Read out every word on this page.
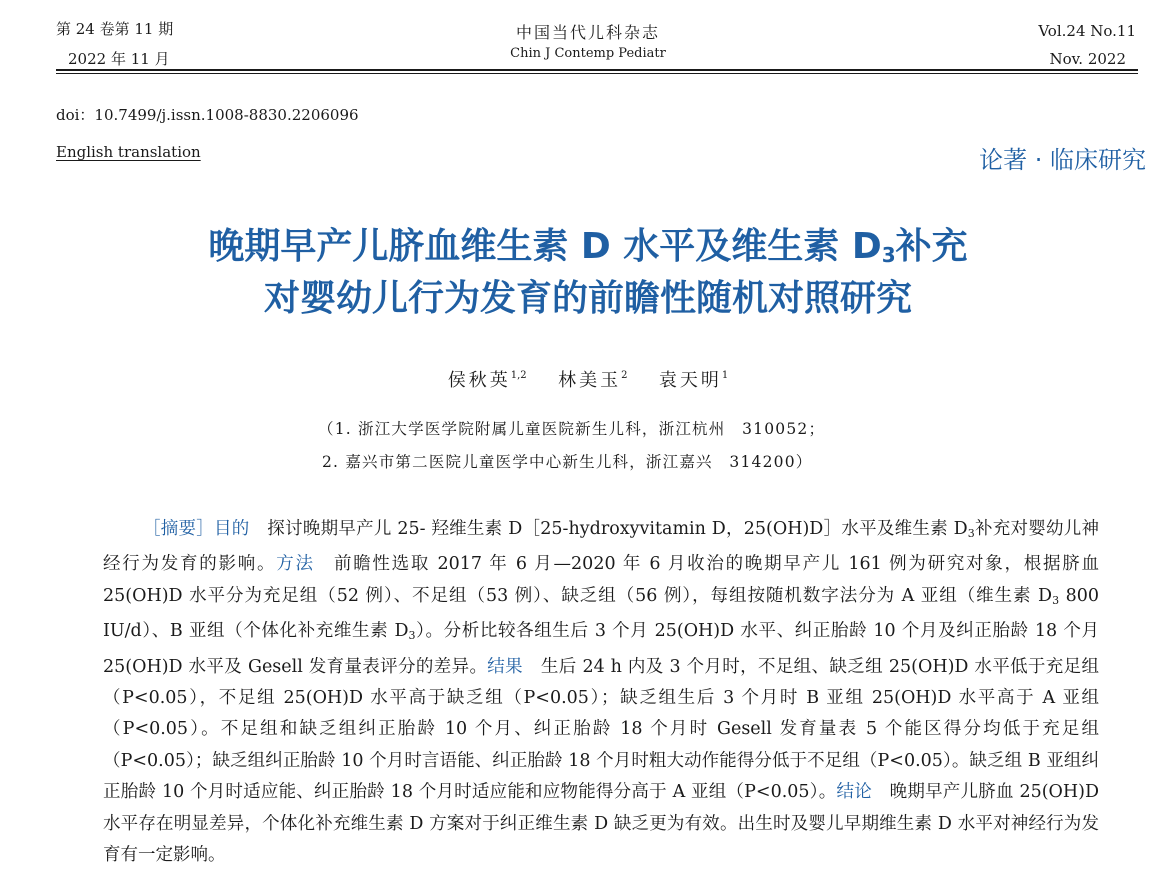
第 24 卷第 11 期
2022 年 11 月
中国当代儿科杂志
Chin J Contemp Pediatr
Vol.24 No.11
Nov. 2022
doi：10.7499/j.issn.1008-8830.2206096
English translation	论著 · 临床研究
晚期早产儿脐血维生素 D 水平及维生素 $D_3$补充
对婴幼儿行为发育的前瞻性随机对照研究
侯秋英$^{1,2}$ 林美玉$^2$ 袁天明$^1$
（1. 浙江大学医学院附属儿童医院新生儿科，浙江杭州　310052；
2. 嘉兴市第二医院儿童医学中心新生儿科，浙江嘉兴　314200）
［摘要］目的　探讨晚期早产儿 25- 羟维生素 D［25-hydroxyvitamin D，25(OH)D］水平及维生素 $D_3$补充对婴幼儿神经行为发育的影响。方法　前瞻性选取 2017 年 6 月—2020 年 6 月收治的晚期早产儿 161 例为研究对象，根据脐血 25(OH)D 水平分为充足组（52 例）、不足组（53 例）、缺乏组（56 例），每组按随机数字法分为 A 亚组（维生素 $D_3$ 800 IU/d）、B 亚组（个体化补充维生素 $D_3$）。分析比较各组生后 3 个月 25(OH)D 水平、纠正胎龄 10 个月及纠正胎龄 18 个月 25(OH)D 水平及 Gesell 发育量表评分的差异。结果　生后 24 h 内及 3 个月时，不足组、缺乏组 25(OH)D 水平低于充足组（P<0.05），不足组 25(OH)D 水平高于缺乏组（P<0.05）；缺乏组生后 3 个月时 B 亚组 25(OH)D 水平高于 A 亚组（P<0.05）。不足组和缺乏组纠正胎龄 10 个月、纠正胎龄 18 个月时 Gesell 发育量表 5 个能区得分均低于充足组（P<0.05）；缺乏组纠正胎龄 10 个月时言语能、纠正胎龄 18 个月时粗大动作能得分低于不足组（P<0.05）。缺乏组 B 亚组纠正胎龄 10 个月时适应能、纠正胎龄 18 个月时适应能和应物能得分高于 A 亚组（P<0.05）。结论　晚期早产儿脐血 25(OH)D 水平存在明显差异，个体化补充维生素 D 方案对于纠正维生素 D 缺乏更为有效。出生时及婴儿早期维生素 D 水平对神经行为发育有一定影响。
